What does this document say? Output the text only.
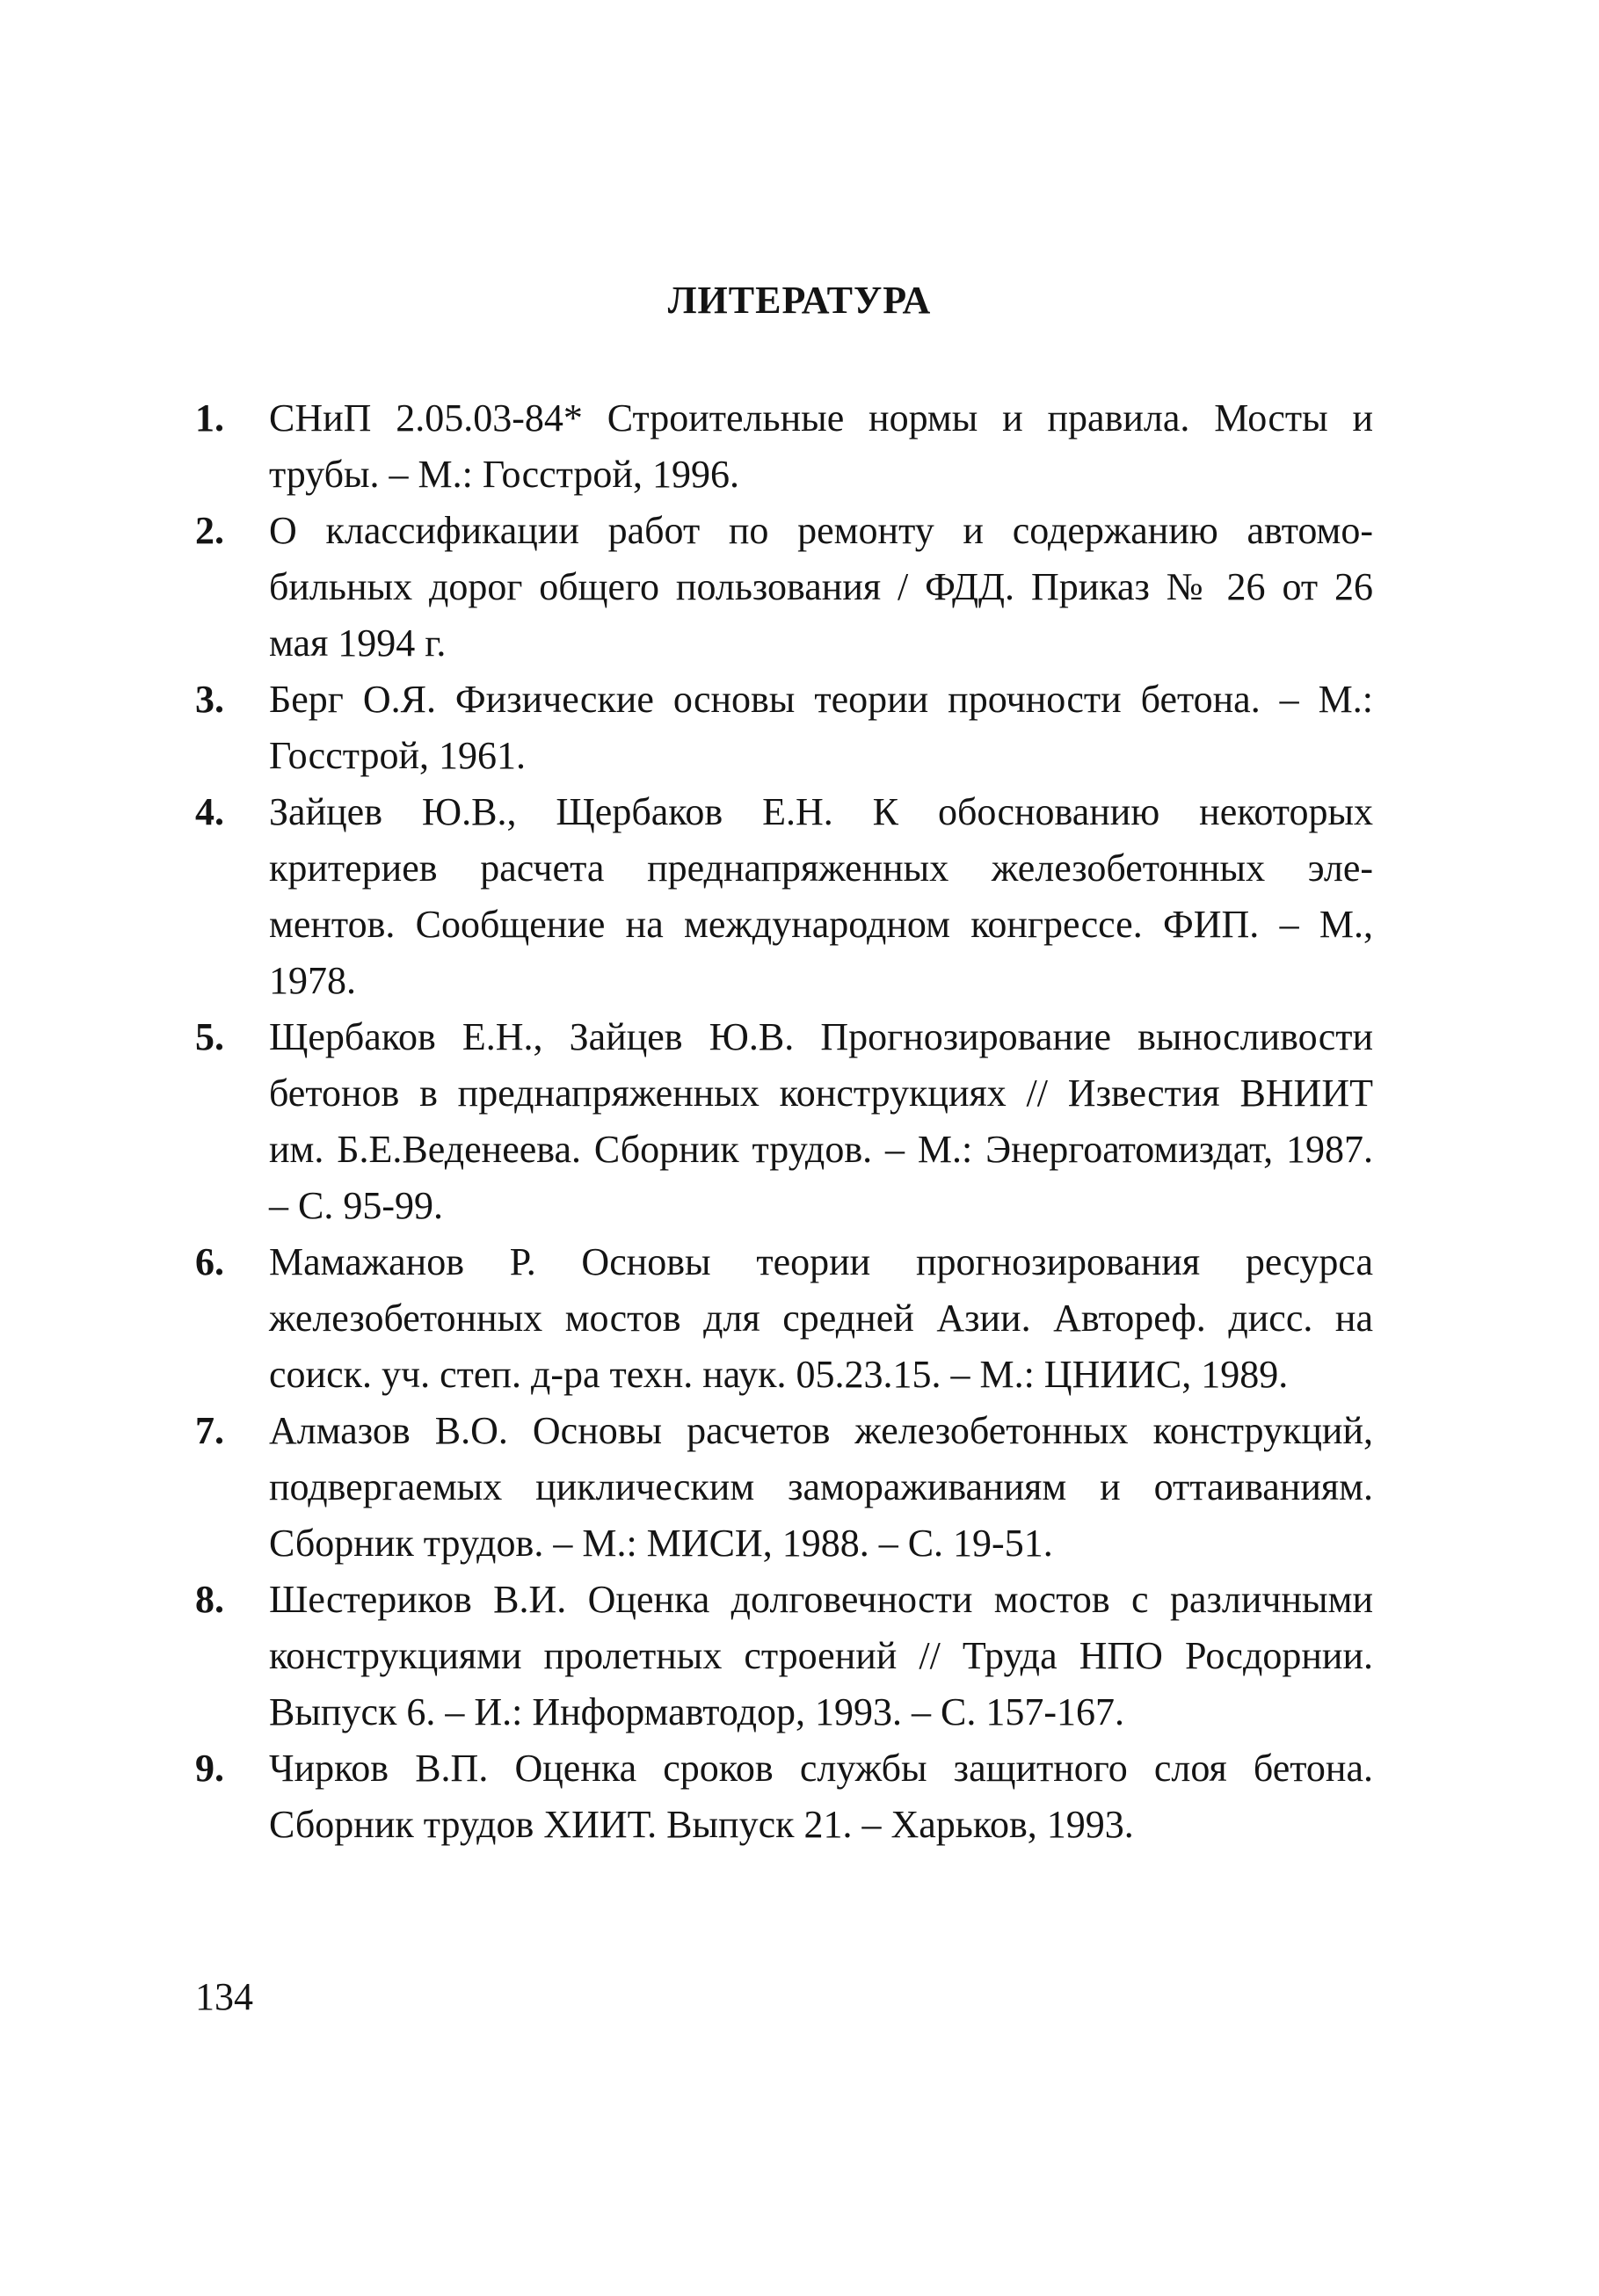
ЛИТЕРАТУРА
1.	СНиП 2.05.03-84* Строительные нормы и правила. Мосты и
трубы. – М.: Госстрой, 1996.
2.	О классификации работ по ремонту и содержанию автомо-
бильных дорог общего пользования / ФДД. Приказ № 26 от 26
мая 1994 г.
3.	Берг О.Я. Физические основы теории прочности бетона. – М.:
Госстрой, 1961.
4.	Зайцев Ю.В., Щербаков Е.Н. К обоснованию некоторых
критериев расчета преднапряженных железобетонных эле-
ментов. Сообщение на международном конгрессе. ФИП. – М.,
1978.
5.	Щербаков Е.Н., Зайцев Ю.В. Прогнозирование выносливости
бетонов в преднапряженных конструкциях // Известия ВНИИТ
им. Б.Е.Веденеева. Сборник трудов. – М.: Энергоатомиздат, 1987.
– С. 95-99.
6.	Мамажанов Р. Основы теории прогнозирования ресурса
железобетонных мостов для средней Азии. Автореф. дисс. на
соиск. уч. степ. д-ра техн. наук. 05.23.15. – М.: ЦНИИС, 1989.
7.	Алмазов В.О. Основы расчетов железобетонных конструкций,
подвергаемых циклическим замораживаниям и оттаиваниям.
Сборник трудов. – М.: МИСИ, 1988. – С. 19-51.
8.	Шестериков В.И. Оценка долговечности мостов с различными
конструкциями пролетных строений // Труда НПО Росдорнии.
Выпуск 6. – И.: Информавтодор, 1993. – С. 157-167.
9.	Чирков В.П. Оценка сроков службы защитного слоя бетона.
Сборник трудов ХИИТ. Выпуск 21. – Харьков, 1993.
134
